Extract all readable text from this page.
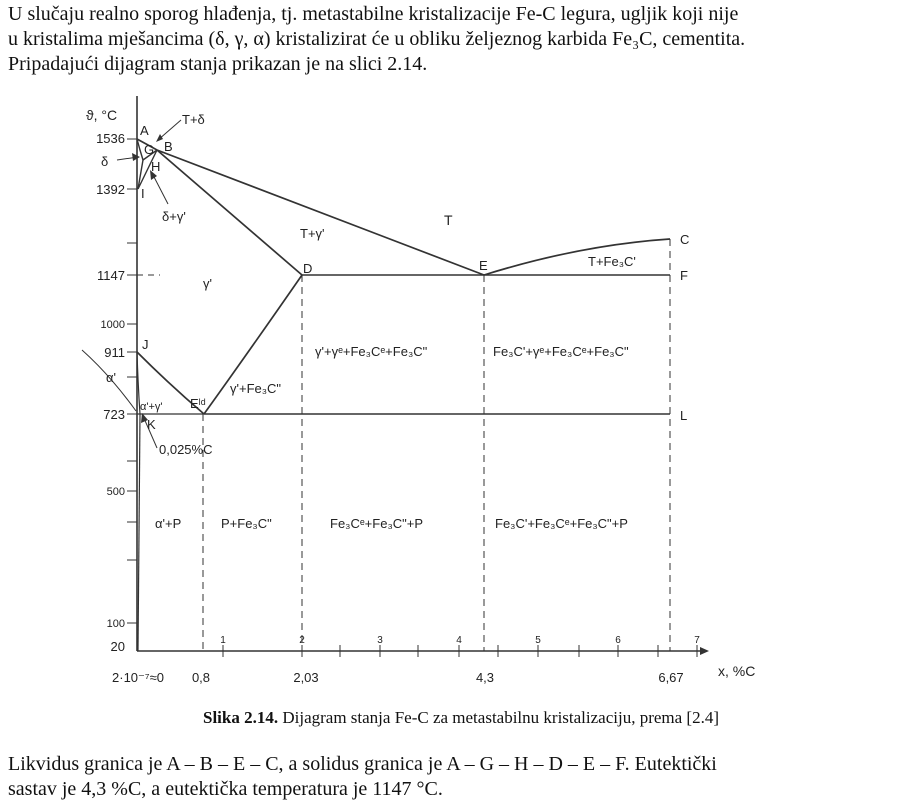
U slučaju realno sporog hlađenja, tj. metastabilne kristalizacije Fe-C legura, ugljik koji nije
u kristalima mješancima (δ, γ, α) kristalizirat će u obliku željeznog karbida Fe₃C, cementita.
Pripadajući dijagram stanja prikazan je na slici 2.14.

ϑ, °C
x, %C
1536
1392
1147
1000
911
723
500
100
20	1	2	3	4	5	6	7
2·10⁻⁷≈0 0,8	2,03	4,3	6,67
A
B
G
H
I
J
K
D	E
C
F
L
Eˡᵈ
T+δ
δ
δ+γ'
T+γ'
T
T+Fe₃C'
γ'
γ'+γᵉ+Fe₃Cᵉ+Fe₃C"	Fe₃C'+γᵉ+Fe₃Cᵉ+Fe₃C"
γ'+Fe₃C"
α'
α'+γ'
0,025%C
α'+P	P+Fe₃C"	Fe₃Cᵉ+Fe₃C"+P	Fe₃C'+Fe₃Cᵉ+Fe₃C"+P
Slika 2.14. Dijagram stanja Fe-C za metastabilnu kristalizaciju, prema [2.4]

Likvidus granica je A – B – E – C, a solidus granica je A – G – H – D – E – F. Eutektički
sastav je 4,3 %C, a eutektička temperatura je 1147 °C.
